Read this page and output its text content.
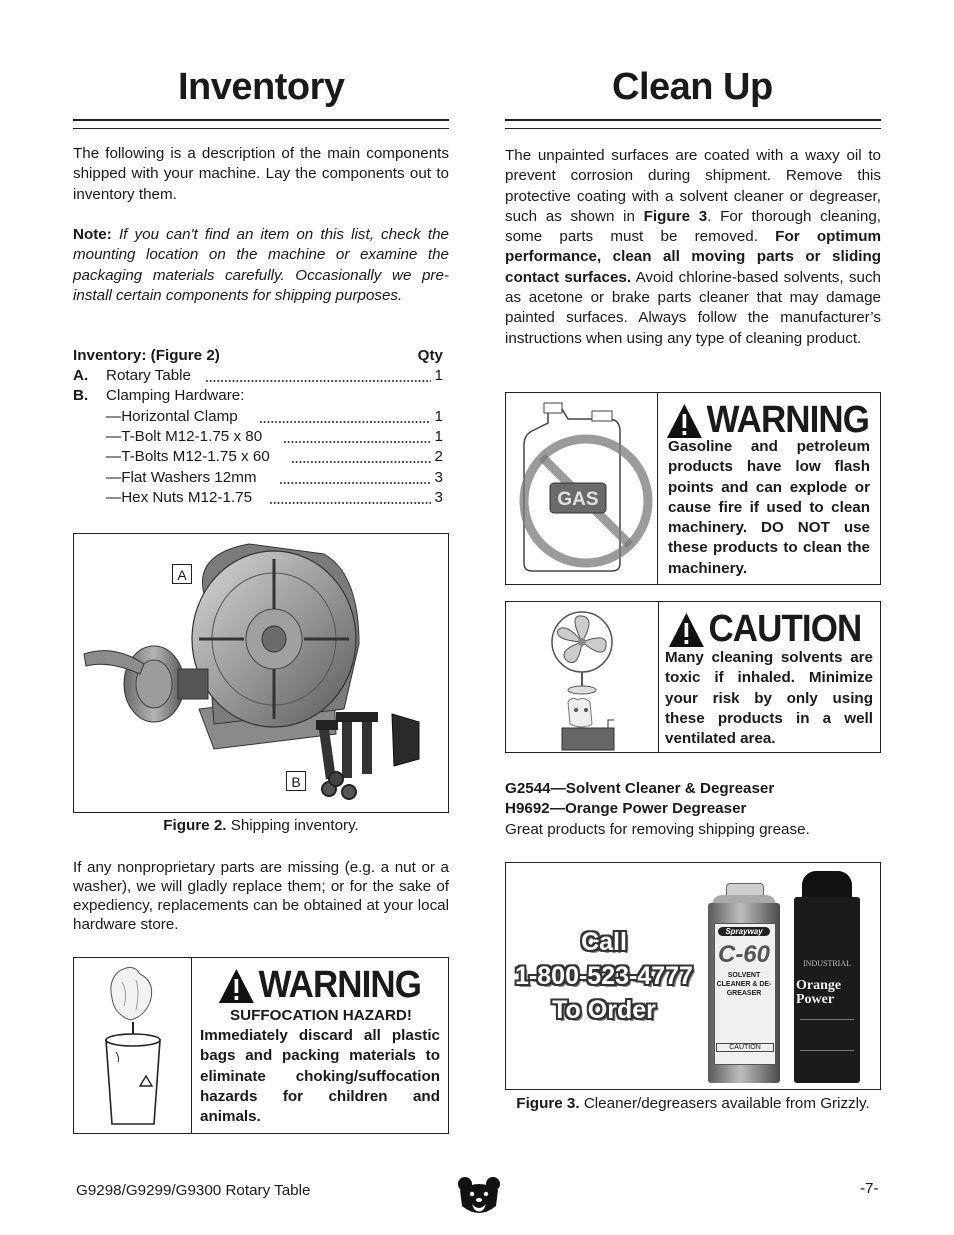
Inventory
The following is a description of the main components shipped with your machine. Lay the components out to inventory them.
Note: If you can't find an item on this list, check the mounting location on the machine or examine the packaging materials carefully. Occasionally we pre-install certain components for shipping purposes.
Inventory: (Figure 2)	Qty
A. Rotary Table	1
B. Clamping Hardware:
—Horizontal Clamp	1
—T-Bolt M12-1.75 x 80	1
—T-Bolts M12-1.75 x 60	2
—Flat Washers 12mm	3
—Hex Nuts M12-1.75	3
A
B
Figure 2. Shipping inventory.
If any nonproprietary parts are missing (e.g. a nut or a washer), we will gladly replace them; or for the sake of expediency, replacements can be obtained at your local hardware store.
WARNING
SUFFOCATION HAZARD!
Immediately discard all plastic bags and packing materials to eliminate choking/suffocation hazards for children and animals.
Clean Up
The unpainted surfaces are coated with a waxy oil to prevent corrosion during shipment. Remove this protective coating with a solvent cleaner or degreaser, such as shown in Figure 3. For thorough cleaning, some parts must be removed. For optimum performance, clean all moving parts or sliding contact surfaces. Avoid chlorine-based solvents, such as acetone or brake parts cleaner that may damage painted surfaces. Always follow the manufacturer’s instructions when using any type of cleaning product.
GAS
WARNING
Gasoline and petroleum products have low flash points and can explode or cause fire if used to clean machinery. DO NOT use these products to clean the machinery.
CAUTION
Many cleaning solvents are toxic if inhaled. Minimize your risk by only using these products in a well ventilated area.
G2544—Solvent Cleaner & Degreaser
H9692—Orange Power Degreaser
Great products for removing shipping grease.
Call
1-800-523-4777
To Order
Sprayway
C-60
SOLVENT CLEANER & DE-GREASER
CAUTION
INDUSTRIAL
Orange Power
Figure 3. Cleaner/degreasers available from Grizzly.
G9298/G9299/G9300 Rotary Table	-7-
